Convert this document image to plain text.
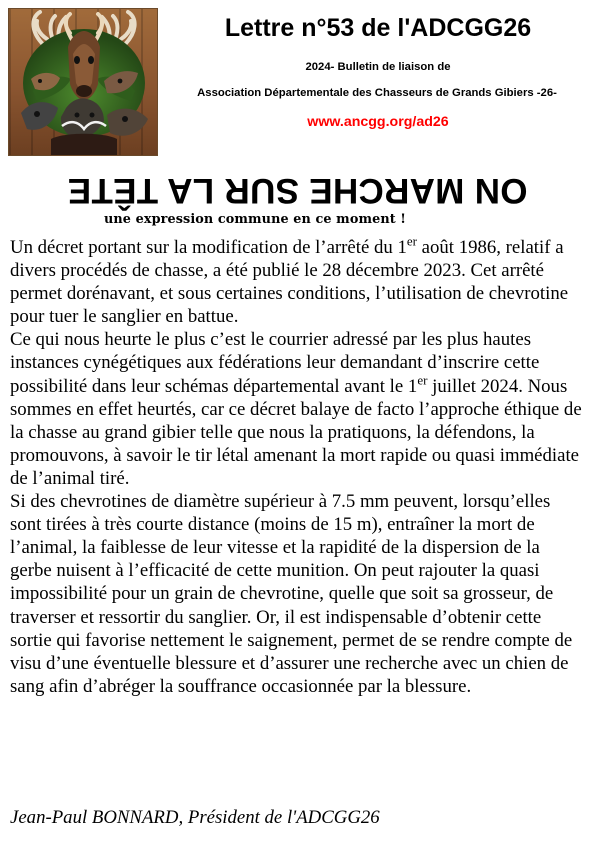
Lettre n°53 de l'ADCGG26
2024- Bulletin de liaison de
Association Départementale des Chasseurs de Grands Gibiers -26-
www.ancgg.org/ad26
ON MARCHE SUR LA TÊTE
une expression commune en ce moment !

Un décret portant sur la modification de l’arrêté du 1er août 1986, relatif a divers procédés de chasse, a été publié le 28 décembre 2023. Cet arrêté permet dorénavant, et sous certaines conditions, l’utilisation de chevrotine pour tuer le sanglier en battue.

Ce qui nous heurte le plus c’est le courrier adressé par les plus hautes instances cynégétiques aux fédérations leur demandant d’inscrire cette possibilité dans leur schémas départemental avant le 1er juillet 2024. Nous sommes en effet heurtés, car ce décret balaye de facto l’approche éthique de la chasse au grand gibier telle que nous la pratiquons, la défendons, la promouvons, à savoir le tir létal amenant la mort rapide ou quasi immédiate de l’animal tiré.

Si des chevrotines de diamètre supérieur à 7.5 mm peuvent, lorsqu’elles sont tirées à très courte distance (moins de 15 m), entraîner la mort de l’animal, la faiblesse de leur vitesse et la rapidité de la dispersion de la gerbe nuisent à l’efficacité de cette munition. On peut rajouter la quasi impossibilité pour un grain de chevrotine, quelle que soit sa grosseur, de traverser et ressortir du sanglier. Or, il est indispensable d’obtenir cette sortie qui favorise nettement le saignement, permet de se rendre compte de visu d’une éventuelle blessure et d’assurer une recherche avec un chien de sang afin d’abréger la souffrance occasionnée par la blessure.

Jean-Paul BONNARD, Président de l'ADCGG26
